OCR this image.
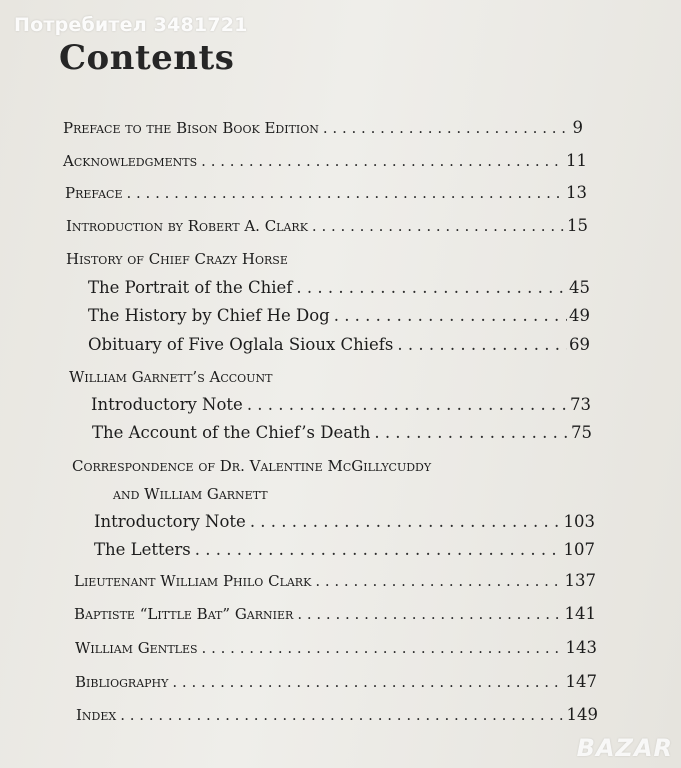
Потребител 3481721
Contents
Preface to the Bison Book Edition . . .	9
Acknowledgments . . .	11
Preface . . .	13
Introduction by Robert A. Clark . . .	15
History of Chief Crazy Horse
The Portrait of the Chief . . .	45
The History by Chief He Dog . . .	49
Obituary of Five Oglala Sioux Chiefs . . .	69
William Garnett’s Account
Introductory Note . . .	73
The Account of the Chief’s Death . . .	75
Correspondence of Dr. Valentine McGillycuddy
and William Garnett
Introductory Note . . .	103
The Letters . . .	107
Lieutenant William Philo Clark . . .	137
Baptiste “Little Bat” Garnier . . .	141
William Gentles . . .	143
Bibliography . . .	147
Index . . .	149
BAZAR
